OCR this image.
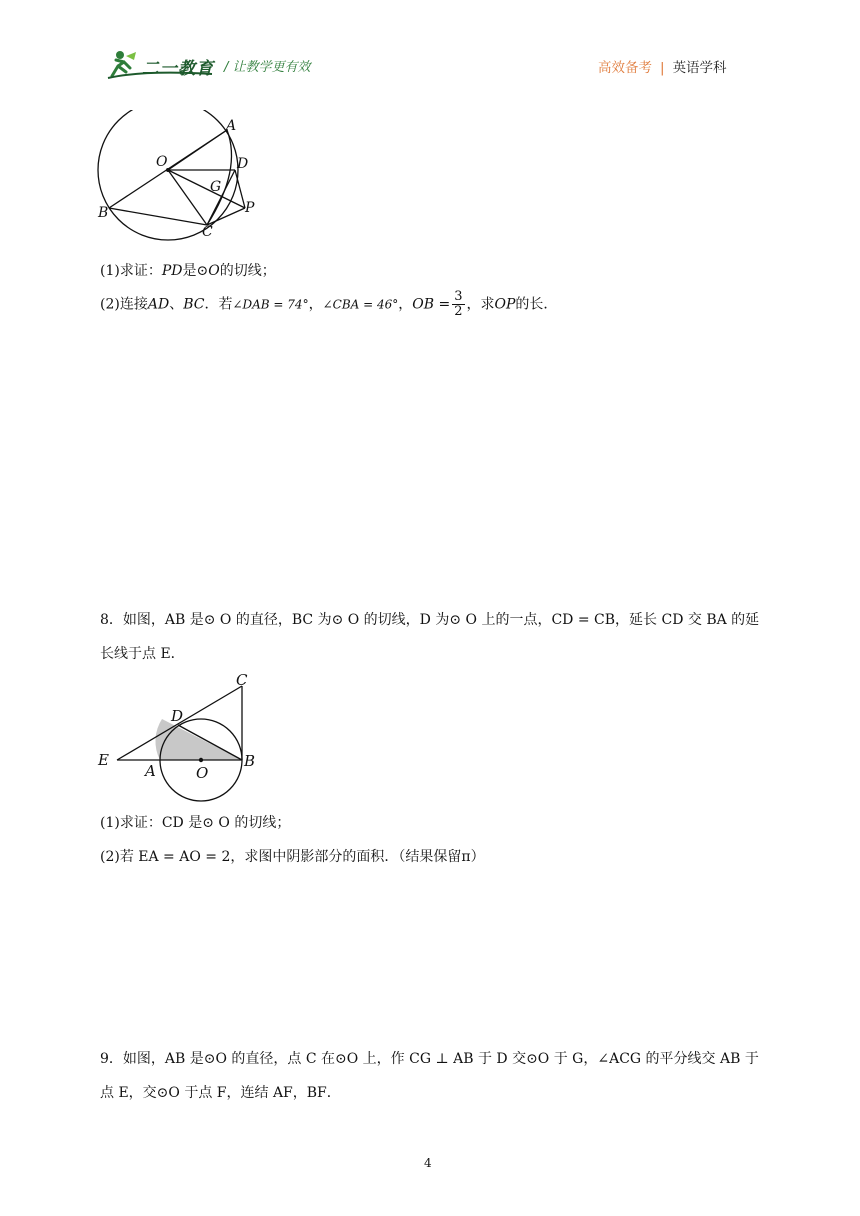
二一教育 / 让教学更有效	高效备考 | 英语学科
A
O	D
G
B
C
P
(1)求证：PD是⊙O的切线；
(2)连接AD、BC．若∠DAB = 74°，∠CBA = 46°，OB = $\frac{3}{2}$ ，求OP的长．
8．如图，AB 是⊙ O 的直径，BC 为⊙ O 的切线，D 为⊙ O 上的一点，CD = CB，延长 CD 交 BA 的延
长线于点 E．
C
D
E
A	O
B
(1)求证：CD 是⊙ O 的切线；
(2)若 EA = AO = 2，求图中阴影部分的面积．（结果保留π）
9．如图，AB 是⊙O 的直径，点 C 在⊙O 上，作 CG ⊥ AB 于 D 交⊙O 于 G，∠ACG 的平分线交 AB 于
点 E，交⊙O 于点 F，连结 AF，BF．
4
